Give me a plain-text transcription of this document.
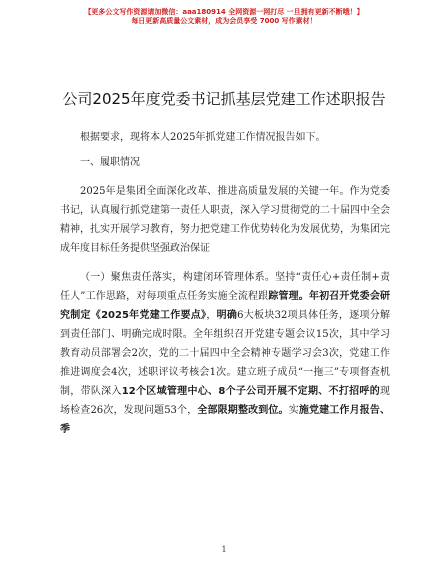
【更多公文写作资源请加微信：aaa180914 全网资源一网打尽 一旦拥有更新不断哦！】
每日更新高质量公文素材，成为会员享受 7000 写作素材！
公司2025年度党委书记抓基层党建工作述职报告

根据要求，现将本人2025年抓党建工作情况报告如下。

一、履职情况

2025年是集团全面深化改革、推进高质量发展的关键一年。作为党委书记，认真履行抓党建第一责任人职责，深入学习贯彻党的二十届四中全会精神，扎实开展学习教育，努力把党建工作优势转化为发展优势，为集团完成年度目标任务提供坚强政治保证

（一）聚焦责任落实，构建闭环管理体系。坚持“责任心+责任制+责任人”工作思路，对每项重点任务实施全流程跟踪管理。年初召开党委会研究制定《2025年党建工作要点》，明确6大板块32项具体任务，逐项分解到责任部门、明确完成时限。全年组织召开党建专题会议15次，其中学习教育动员部署会2次，党的二十届四中全会精神专题学习会3次，党建工作推进调度会4次，述职评议考核会1次。建立班子成员“一拖三”专项督查机制，带队深入12个区域管理中心、8个子公司开展不定期、不打招呼的现场检查26次，发现问题53个，全部限期整改到位。实施党建工作月报告、季

1
